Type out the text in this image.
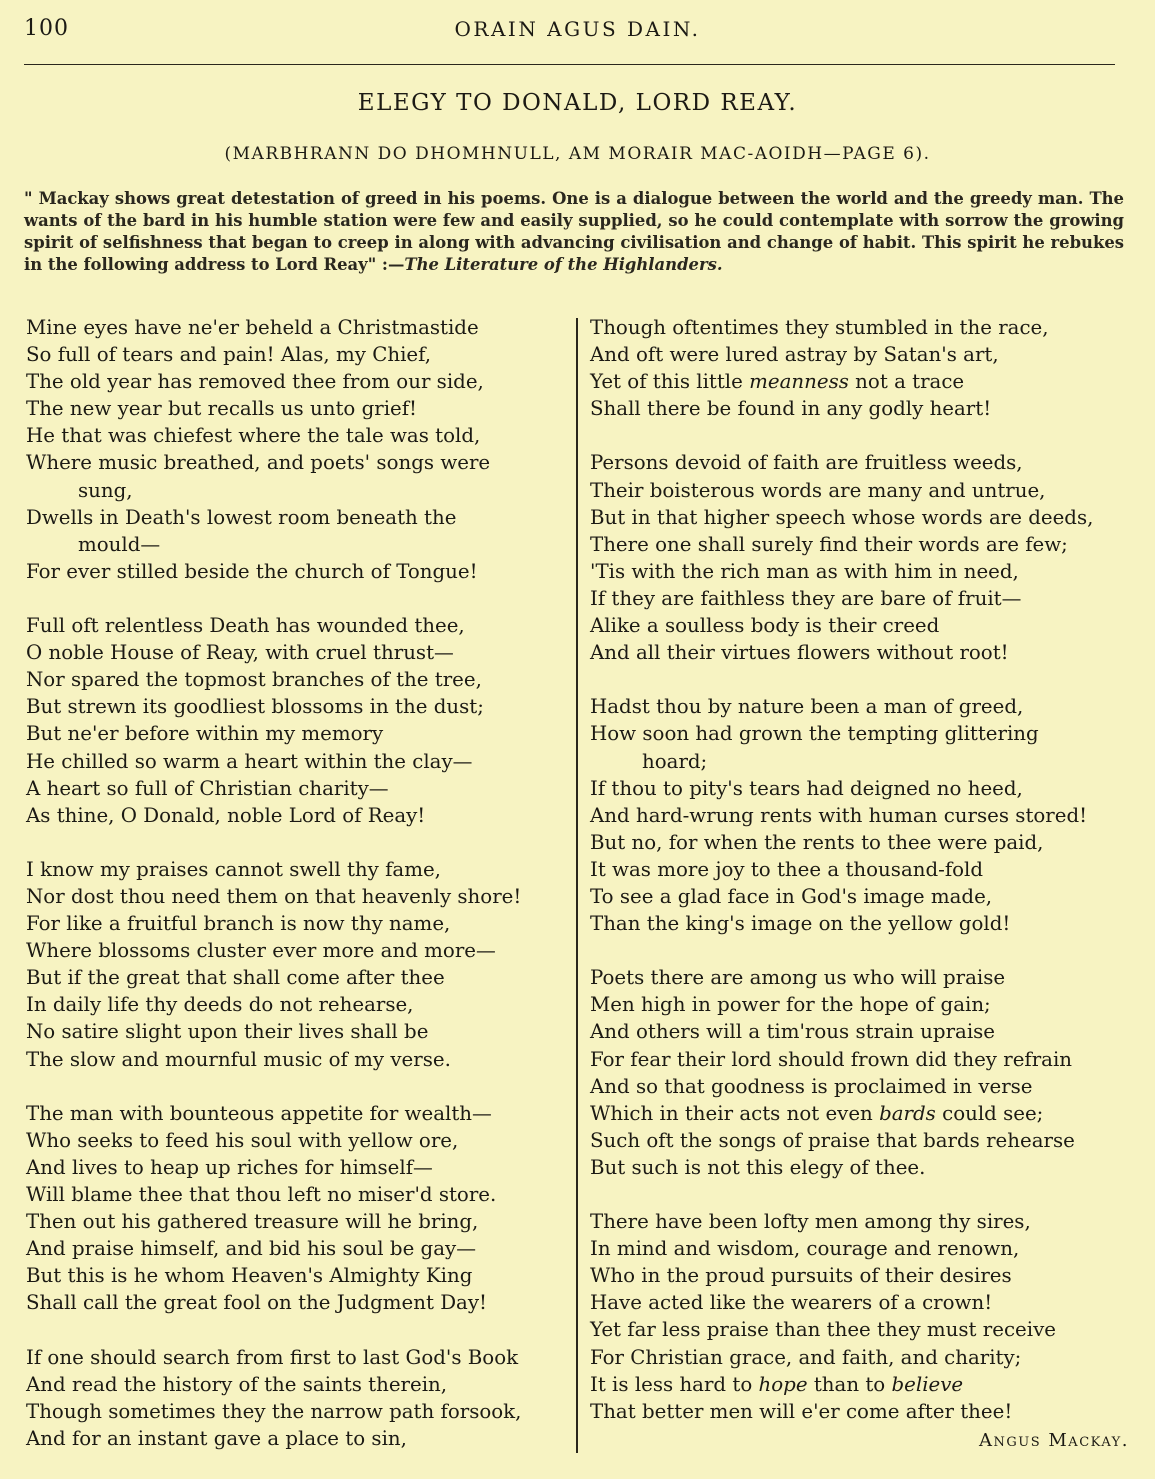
100	ORAIN AGUS DAIN.
ELEGY TO DONALD, LORD REAY.
(MARBHRANN DO DHOMHNULL, AM MORAIR MAC-AOIDH—PAGE 6).
" Mackay shows great detestation of greed in his poems. One is a dialogue between the world and the greedy man. The wants of the bard in his humble station were few and easily supplied, so he could contemplate with sorrow the growing spirit of selfishness that began to creep in along with advancing civilisation and change of habit. This spirit he rebukes in the following address to Lord Reay" :—The Literature of the Highlanders.
Mine eyes have ne'er beheld a Christmastide
So full of tears and pain! Alas, my Chief,
The old year has removed thee from our side,
The new year but recalls us unto grief!
He that was chiefest where the tale was told,
Where music breathed, and poets' songs were
sung,
Dwells in Death's lowest room beneath the
mould—
For ever stilled beside the church of Tongue!
Full oft relentless Death has wounded thee,
O noble House of Reay, with cruel thrust—
Nor spared the topmost branches of the tree,
But strewn its goodliest blossoms in the dust;
But ne'er before within my memory
He chilled so warm a heart within the clay—
A heart so full of Christian charity—
As thine, O Donald, noble Lord of Reay!
I know my praises cannot swell thy fame,
Nor dost thou need them on that heavenly shore!
For like a fruitful branch is now thy name,
Where blossoms cluster ever more and more—
But if the great that shall come after thee
In daily life thy deeds do not rehearse,
No satire slight upon their lives shall be
The slow and mournful music of my verse.
The man with bounteous appetite for wealth—
Who seeks to feed his soul with yellow ore,
And lives to heap up riches for himself—
Will blame thee that thou left no miser'd store.
Then out his gathered treasure will he bring,
And praise himself, and bid his soul be gay—
But this is he whom Heaven's Almighty King
Shall call the great fool on the Judgment Day!
If one should search from first to last God's Book
And read the history of the saints therein,
Though sometimes they the narrow path forsook,
And for an instant gave a place to sin,
Though oftentimes they stumbled in the race,
And oft were lured astray by Satan's art,
Yet of this little meanness not a trace
Shall there be found in any godly heart!
Persons devoid of faith are fruitless weeds,
Their boisterous words are many and untrue,
But in that higher speech whose words are deeds,
There one shall surely find their words are few;
'Tis with the rich man as with him in need,
If they are faithless they are bare of fruit—
Alike a soulless body is their creed
And all their virtues flowers without root!
Hadst thou by nature been a man of greed,
How soon had grown the tempting glittering
hoard;
If thou to pity's tears had deigned no heed,
And hard-wrung rents with human curses stored!
But no, for when the rents to thee were paid,
It was more joy to thee a thousand-fold
To see a glad face in God's image made,
Than the king's image on the yellow gold!
Poets there are among us who will praise
Men high in power for the hope of gain;
And others will a tim'rous strain upraise
For fear their lord should frown did they refrain
And so that goodness is proclaimed in verse
Which in their acts not even bards could see;
Such oft the songs of praise that bards rehearse
But such is not this elegy of thee.
There have been lofty men among thy sires,
In mind and wisdom, courage and renown,
Who in the proud pursuits of their desires
Have acted like the wearers of a crown!
Yet far less praise than thee they must receive
For Christian grace, and faith, and charity;
It is less hard to hope than to believe
That better men will e'er come after thee!
Angus Mackay.
